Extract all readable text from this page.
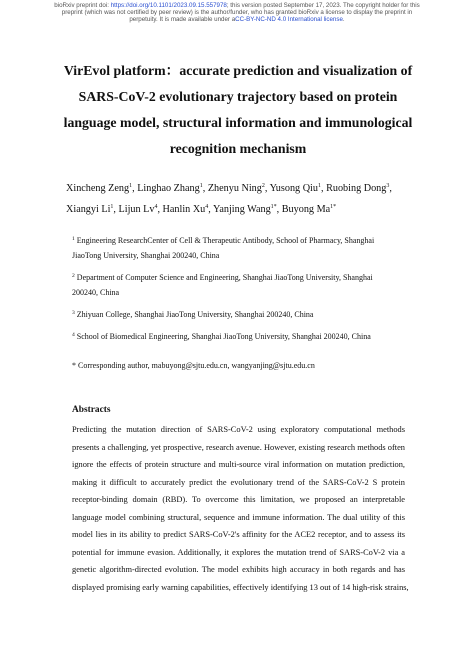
bioRxiv preprint doi: https://doi.org/10.1101/2023.09.15.557978; this version posted September 17, 2023. The copyright holder for this
preprint (which was not certified by peer review) is the author/funder, who has granted bioRxiv a license to display the preprint in
perpetuity. It is made available under aCC-BY-NC-ND 4.0 International license.
VirEvol platform：accurate prediction and visualization of
SARS-CoV-2 evolutionary trajectory based on protein
language model, structural information and immunological
recognition mechanism
Xincheng Zeng$^1$, Linghao Zhang$^1$, Zhenyu Ning$^2$, Yusong Qiu$^1$, Ruobing Dong$^3$,
Xiangyi Li$^1$, Lijun Lv$^4$, Hanlin Xu$^4$, Yanjing Wang$^{1*}$, Buyong $Ma^{1*}$
$^1$ Engineering ResearchCenter of Cell & Therapeutic Antibody, School of Pharmacy, Shanghai
JiaoTong University, Shanghai 200240, China
$^2$ Department of Computer Science and Engineering, Shanghai JiaoTong University, Shanghai
200240, China
$^3$ Zhiyuan College, Shanghai JiaoTong University, Shanghai 200240, China
$^4$ School of Biomedical Engineering, Shanghai JiaoTong University, Shanghai 200240, China
* Corresponding author, mabuyong@sjtu.edu.cn, wangyanjing@sjtu.edu.cn
Abstracts
Predicting the mutation direction of SARS-CoV-2 using exploratory computational methods
presents a challenging, yet prospective, research avenue. However, existing research methods often
ignore the effects of protein structure and multi-source viral information on mutation prediction,
making it difficult to accurately predict the evolutionary trend of the SARS-CoV-2 S protein
receptor-binding domain (RBD). To overcome this limitation, we proposed an interpretable
language model combining structural, sequence and immune information. The dual utility of this
model lies in its ability to predict SARS-CoV-2's affinity for the ACE2 receptor, and to assess its
potential for immune evasion. Additionally, it explores the mutation trend of SARS-CoV-2 via a
genetic algorithm-directed evolution. The model exhibits high accuracy in both regards and has
displayed promising early warning capabilities, effectively identifying 13 out of 14 high-risk strains,
